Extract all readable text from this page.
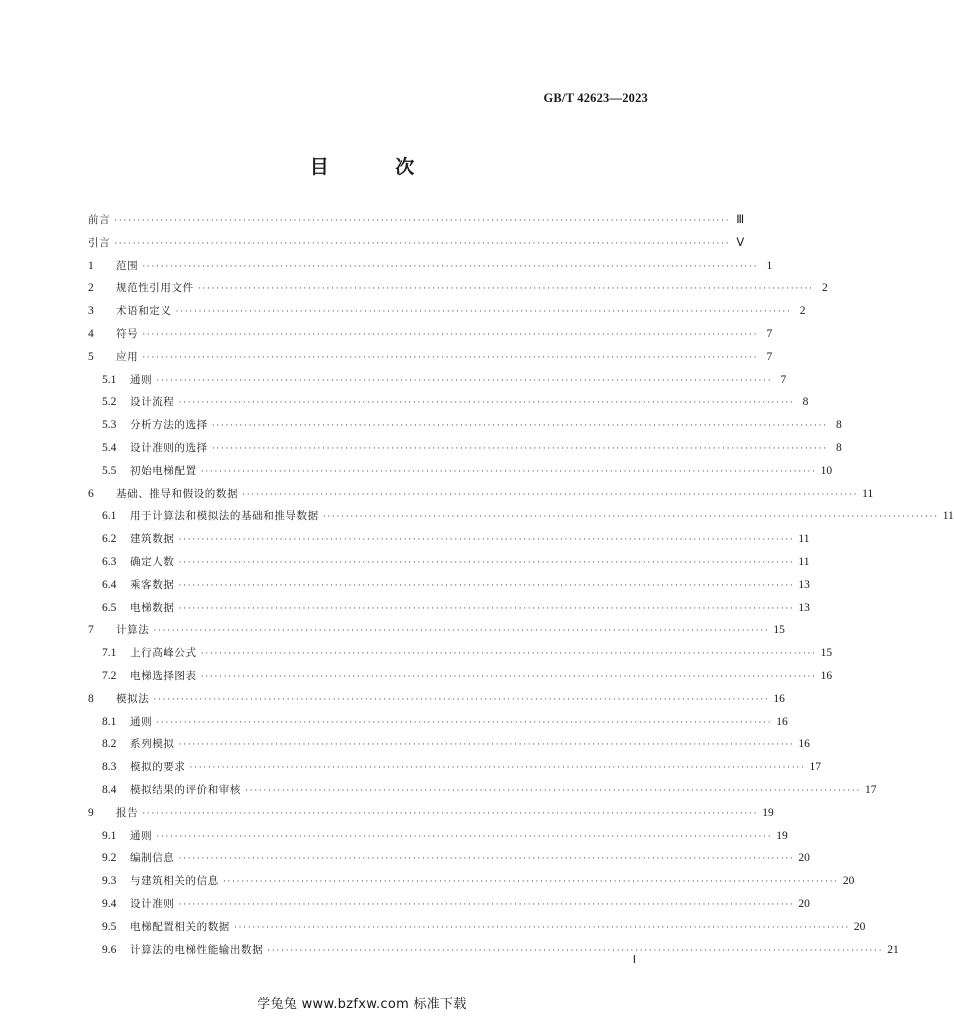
GB/T 42623—2023
目 次
前言 ······································································································································ Ⅲ
引言 ······································································································································ Ⅴ
1	范围 ······································································································································ 1
2	规范性引用文件 ······································································································································ 2
3	术语和定义 ······································································································································ 2
4	符号 ······································································································································ 7
5	应用 ······································································································································ 7
5.1	通则 ······································································································································ 7
5.2	设计流程 ······································································································································ 8
5.3	分析方法的选择 ······································································································································ 8
5.4	设计准则的选择 ······································································································································ 8
5.5	初始电梯配置 ······································································································································ 10
6	基础、推导和假设的数据 ······································································································································ 11
6.1	用于计算法和模拟法的基础和推导数据 ······································································································································ 11
6.2	建筑数据 ······································································································································ 11
6.3	确定人数 ······································································································································ 11
6.4	乘客数据 ······································································································································ 13
6.5	电梯数据 ······································································································································ 13
7	计算法 ······································································································································ 15
7.1	上行高峰公式 ······································································································································ 15
7.2	电梯选择图表 ······································································································································ 16
8	模拟法 ······································································································································ 16
8.1	通则 ······································································································································ 16
8.2	系列模拟 ······································································································································ 16
8.3	模拟的要求 ······································································································································ 17
8.4	模拟结果的评价和审核 ······································································································································ 17
9	报告 ······································································································································ 19
9.1	通则 ······································································································································ 19
9.2	编制信息 ······································································································································ 20
9.3	与建筑相关的信息 ······································································································································ 20
9.4	设计准则 ······································································································································ 20
9.5	电梯配置相关的数据 ······································································································································ 20
9.6	计算法的电梯性能输出数据 ······································································································································ 21
Ⅰ
学兔兔 www.bzfxw.com 标准下载
